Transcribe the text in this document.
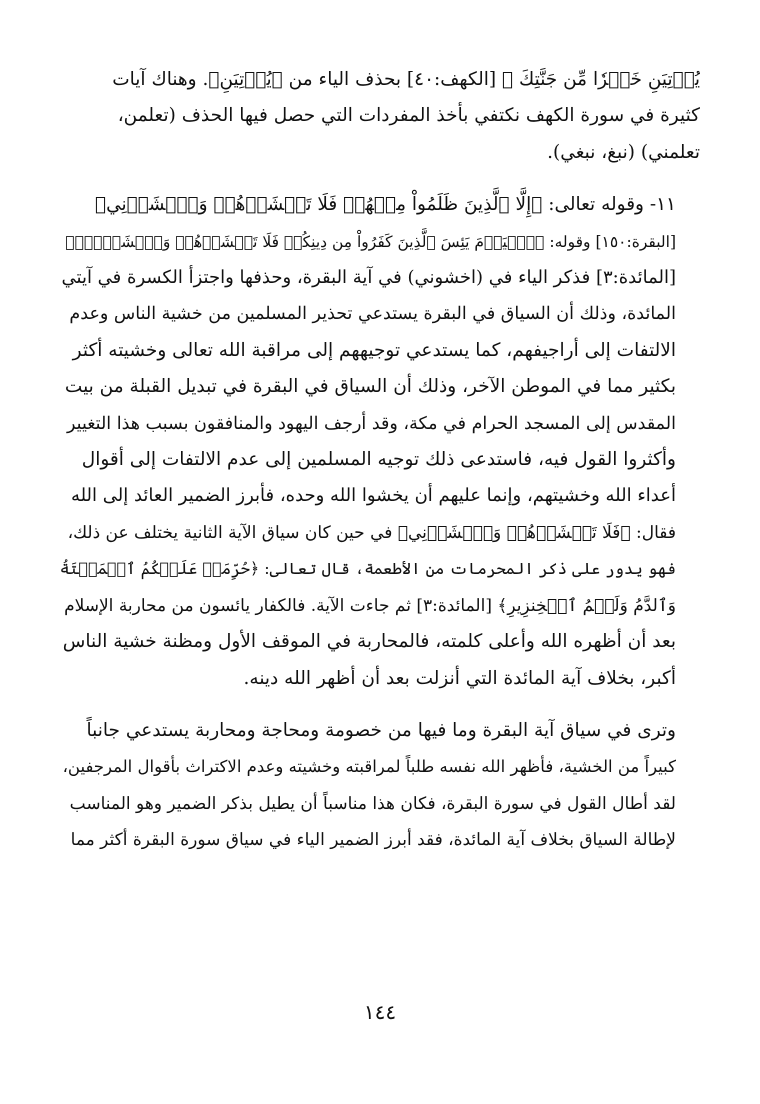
يُؤۡتِيَنِ خَيۡرٗا مِّن جَنَّتِكَ ﴾ [الكهف:٤٠] بحذف الياء من ﴿يُؤۡتِيَنِ﴾. وهناك آيات
كثيرة في سورة الكهف نكتفي بأخذ المفردات التي حصل فيها الحذف (تعلمن،
تعلمني) (نبغ، نبغي).

١١- وقوله تعالى: ﴿إِلَّا ٱلَّذِينَ ظَلَمُواْ مِنۡهُمۡ فَلَا تَخۡشَوۡهُمۡ وَٱخۡشَوۡنِي﴾
[البقرة:١٥٠] وقوله: ﴿ٱلۡيَوۡمَ يَئِسَ ٱلَّذِينَ كَفَرُواْ مِن دِينِكُمۡ فَلَا تَخۡشَوۡهُمۡ وَٱخۡشَوۡنِۚ﴾
[المائدة:٣] فذكر الياء في (اخشوني) في آية البقرة، وحذفها واجتزأ الكسرة في آيتي
المائدة، وذلك أن السياق في البقرة يستدعي تحذير المسلمين من خشية الناس وعدم
الالتفات إلى أراجيفهم، كما يستدعي توجيههم إلى مراقبة الله تعالى وخشيته أكثر
بكثير مما في الموطن الآخر، وذلك أن السياق في البقرة في تبديل القبلة من بيت
المقدس إلى المسجد الحرام في مكة، وقد أرجف اليهود والمنافقون بسبب هذا التغيير
وأكثروا القول فيه، فاستدعى ذلك توجيه المسلمين إلى عدم الالتفات إلى أقوال
أعداء الله وخشيتهم، وإنما عليهم أن يخشوا الله وحده، فأبرز الضمير العائد إلى الله
فقال: ﴿فَلَا تَخۡشَوۡهُمۡ وَٱخۡشَوۡنِي﴾ في حين كان سياق الآية الثانية يختلف عن ذلك،
فهو يدور على ذكر المحرمات من الأطعمة، قال تعالى: ﴿حُرِّمَتۡ عَلَيۡكُمُ ٱلۡمَيۡتَةُ
وَٱلدَّمُ وَلَحۡمُ ٱلۡخِنزِيرِ﴾ [المائدة:٣] ثم جاءت الآية. فالكفار يائسون من محاربة الإسلام
بعد أن أظهره الله وأعلى كلمته، فالمحاربة في الموقف الأول ومظنة خشية الناس
أكبر، بخلاف آية المائدة التي أنزلت بعد أن أظهر الله دينه.

وترى في سياق آية البقرة وما فيها من خصومة ومحاجة ومحاربة يستدعي جانباً
كبيراً من الخشية، فأظهر الله نفسه طلباً لمراقبته وخشيته وعدم الاكتراث بأقوال المرجفين،
لقد أطال القول في سورة البقرة، فكان هذا مناسباً أن يطيل بذكر الضمير وهو المناسب
لإطالة السياق بخلاف آية المائدة، فقد أبرز الضمير الياء في سياق سورة البقرة أكثر مما

١٤٤
